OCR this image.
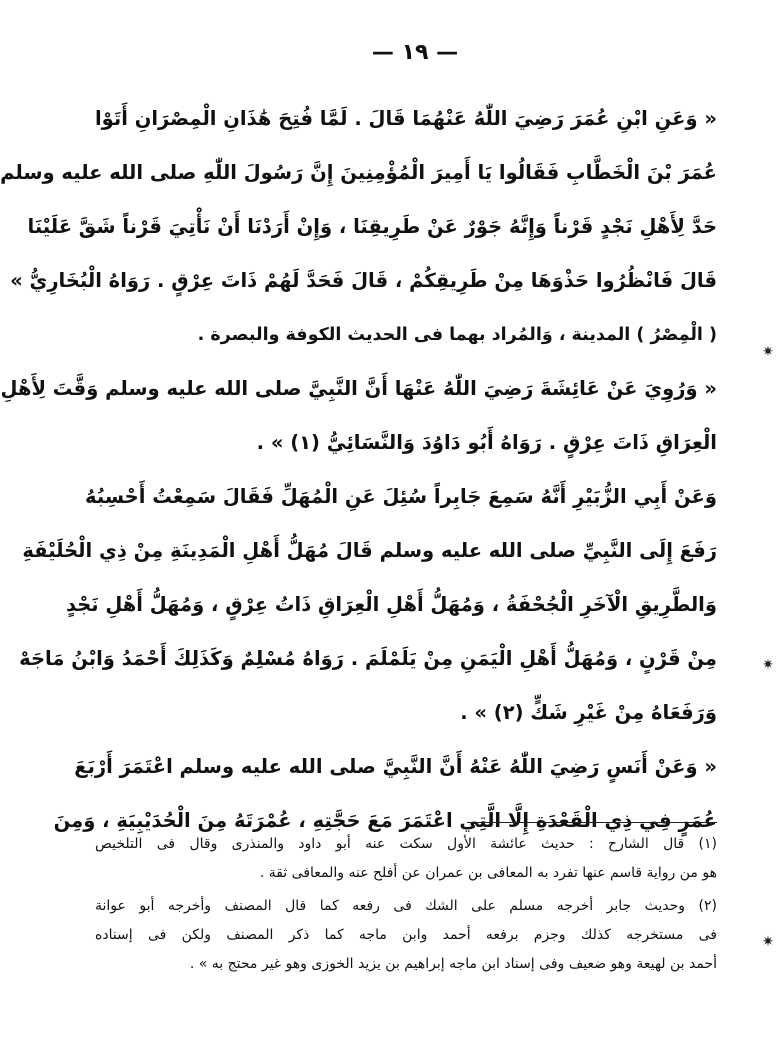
— ١٩ —
« وَعَنِ ابْنِ عُمَرَ رَضِيَ اللّٰهُ عَنْهُمَا قَالَ . لَمَّا فُتِحَ هَٰذَانِ الْمِصْرَانِ أَتَوْا
عُمَرَ بْنَ الْخَطَّابِ فَقَالُوا يَا أَمِيرَ الْمُؤْمِنِينَ إِنَّ رَسُولَ اللّٰهِ صلى الله عليه وسلم
حَدَّ لِأَهْلِ نَجْدٍ قَرْناً وَإِنَّهُ جَوْرٌ عَنْ طَرِيقِنَا ، وَإِنْ أَرَدْنَا أَنْ نَأْتِيَ قَرْناً شَقَّ عَلَيْنَا
قَالَ فَانْظُرُوا حَذْوَهَا مِنْ طَرِيقِكُمْ ، قَالَ فَحَدَّ لَهُمْ ذَاتَ عِرْقٍ . رَوَاهُ الْبُخَارِيُّ »
( الْمِصْرُ ) المدينة ، وَالمُراد بهما فى الحديث الكوفة والبصرة .
« وَرُوِيَ عَنْ عَائِشَةَ رَضِيَ اللّٰهُ عَنْهَا أَنَّ النَّبِيَّ صلى الله عليه وسلم وَقَّتَ لِأَهْلِ
الْعِرَاقِ ذَاتَ عِرْقٍ . رَوَاهُ أَبُو دَاوُدَ وَالنَّسَائِيُّ (١) » .
وَعَنْ أَبِي الزُّبَيْرِ أَنَّهُ سَمِعَ جَابِراً سُئِلَ عَنِ الْمُهَلِّ فَقَالَ سَمِعْتُ أَحْسِبُهُ
رَفَعَ إِلَى النَّبِيِّ صلى الله عليه وسلم قَالَ مُهَلُّ أَهْلِ الْمَدِينَةِ مِنْ ذِي الْحُلَيْفَةِ
وَالطَّرِيقِ الْآخَرِ الْجُحْفَةُ ، وَمُهَلُّ أَهْلِ الْعِرَاقِ ذَاتُ عِرْقٍ ، وَمُهَلُّ أَهْلِ نَجْدٍ
مِنْ قَرْنٍ ، وَمُهَلُّ أَهْلِ الْيَمَنِ مِنْ يَلَمْلَمَ . رَوَاهُ مُسْلِمٌ وَكَذَلِكَ أَحْمَدُ وَابْنُ مَاجَهْ
وَرَفَعَاهُ مِنْ غَيْرِ شَكٍّ (٢) » .
« وَعَنْ أَنَسٍ رَضِيَ اللّٰهُ عَنْهُ أَنَّ النَّبِيَّ صلى الله عليه وسلم اعْتَمَرَ أَرْبَعَ
عُمَرٍ فِي ذِي الْقَعْدَةِ إِلَّا الَّتِي اعْتَمَرَ مَعَ حَجَّتِهِ ، عُمْرَتَهُ مِنَ الْحُدَيْبِيَةِ ، وَمِنَ
(١) قال الشارح : حديث عائشة الأول سكت عنه أبو داود والمنذرى وقال فى التلخيص
هو من رواية قاسم عنها تفرد به المعافى بن عمران عن أفلح عنه والمعافى ثقة .
(٢) وحديث جابر أخرجه مسلم على الشك فى رفعه كما قال المصنف وأخرجه أبو عوانة
فى مستخرجه كذلك وجزم برفعه أحمد وابن ماجه كما ذكر المصنف ولكن فى إسناده
أحمد بن لهيعة وهو ضعيف وفى إسناد ابن ماجه إبراهيم بن يزيد الخوزى وهو غير محتج به » .
✷
✷
✷
